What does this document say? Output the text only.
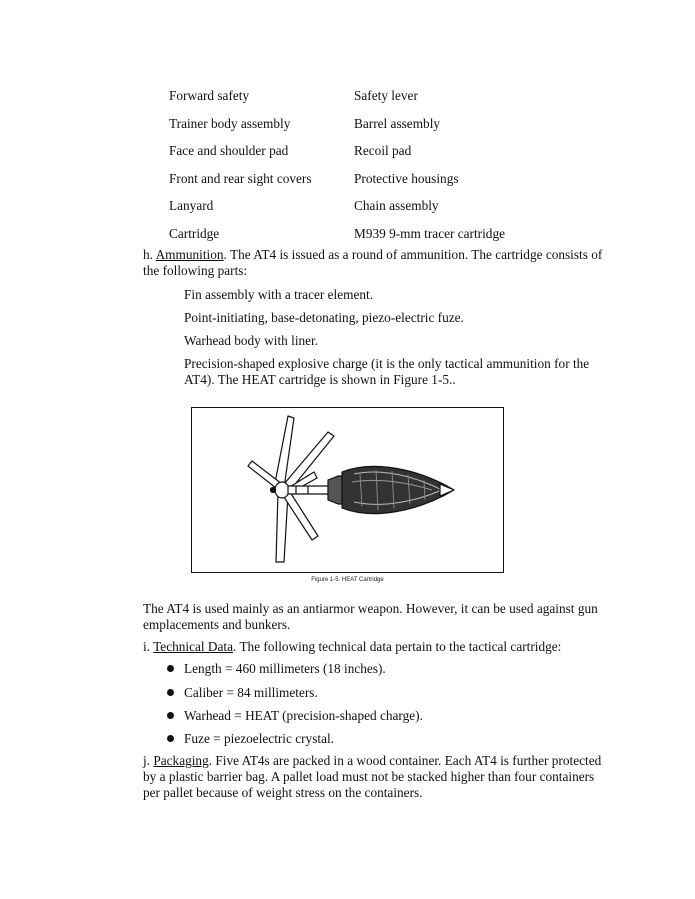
Forward safety	Safety lever
Trainer body assembly	Barrel assembly
Face and shoulder pad	Recoil pad
Front and rear sight covers	Protective housings
Lanyard	Chain assembly
Cartridge	M939 9-mm tracer cartridge
h. Ammunition. The AT4 is issued as a round of ammunition. The cartridge consists of the following parts:
Fin assembly with a tracer element.
Point-initiating, base-detonating, piezo-electric fuze.
Warhead body with liner.
Precision-shaped explosive charge (it is the only tactical ammunition for the AT4). The HEAT cartridge is shown in Figure 1-5..
Figure 1-5. HEAT Cartridge
The AT4 is used mainly as an antiarmor weapon. However, it can be used against gun emplacements and bunkers.
i. Technical Data. The following technical data pertain to the tactical cartridge:
Length = 460 millimeters (18 inches).
Caliber = 84 millimeters.
Warhead = HEAT (precision-shaped charge).
Fuze = piezoelectric crystal.
j. Packaging. Five AT4s are packed in a wood container. Each AT4 is further protected by a plastic barrier bag. A pallet load must not be stacked higher than four containers per pallet because of weight stress on the containers.
